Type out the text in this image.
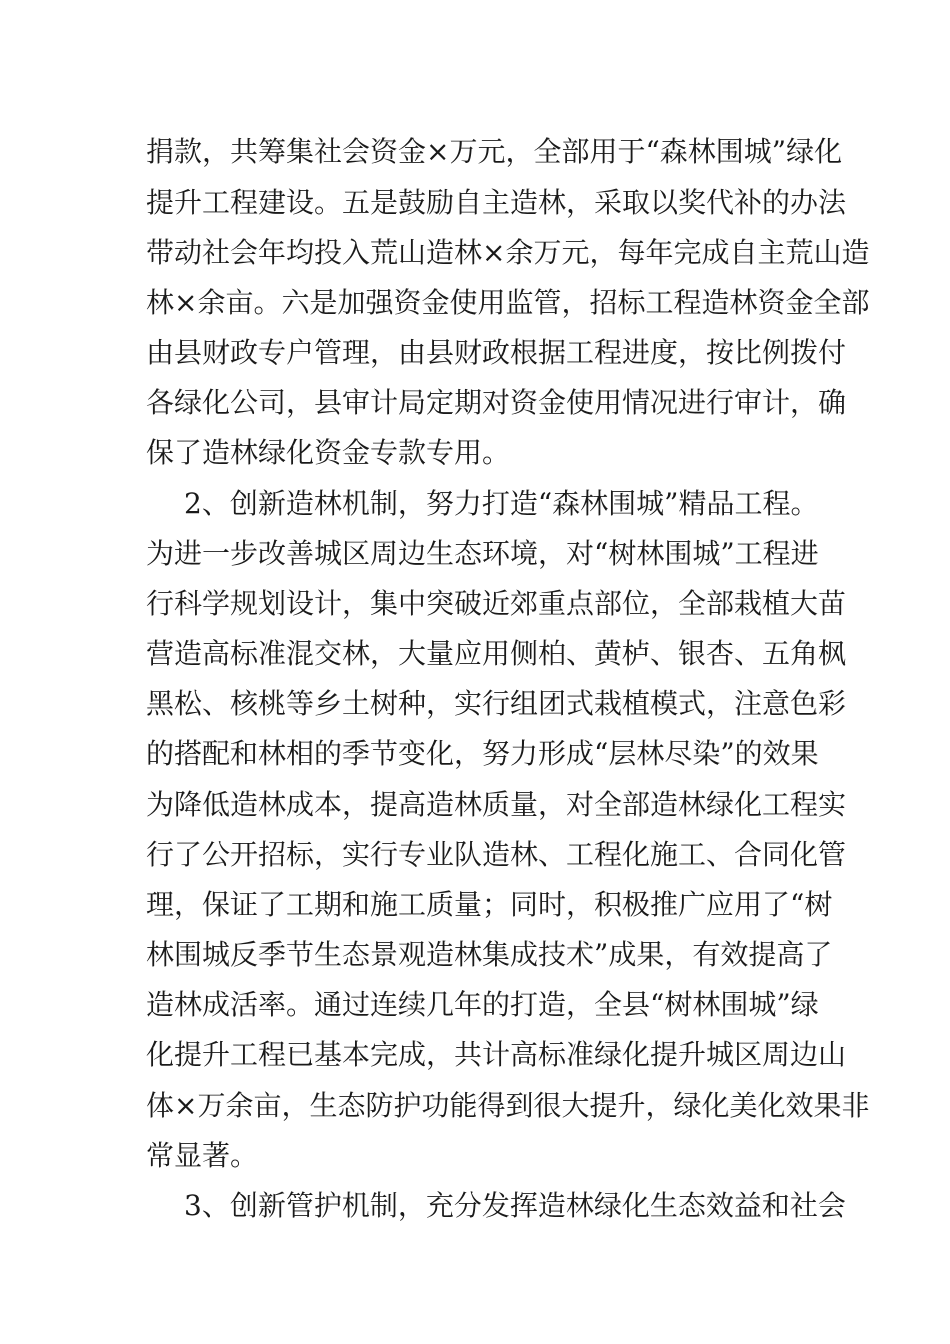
捐款，共筹集社会资金×万元，全部用于“森林围城”绿化
提升工程建设。五是鼓励自主造林，采取以奖代补的办法
带动社会年均投入荒山造林×余万元，每年完成自主荒山造
林×余亩。六是加强资金使用监管，招标工程造林资金全部
由县财政专户管理，由县财政根据工程进度，按比例拨付
各绿化公司，县审计局定期对资金使用情况进行审计，确
保了造林绿化资金专款专用。
2、创新造林机制，努力打造“森林围城”精品工程。
为进一步改善城区周边生态环境，对“树林围城”工程进
行科学规划设计，集中突破近郊重点部位，全部栽植大苗
营造高标准混交林，大量应用侧柏、黄栌、银杏、五角枫
黑松、核桃等乡土树种，实行组团式栽植模式，注意色彩
的搭配和林相的季节变化，努力形成“层林尽染”的效果
为降低造林成本，提高造林质量，对全部造林绿化工程实
行了公开招标，实行专业队造林、工程化施工、合同化管
理，保证了工期和施工质量；同时，积极推广应用了“树
林围城反季节生态景观造林集成技术”成果，有效提高了
造林成活率。通过连续几年的打造，全县“树林围城”绿
化提升工程已基本完成，共计高标准绿化提升城区周边山
体×万余亩，生态防护功能得到很大提升，绿化美化效果非
常显著。
3、创新管护机制，充分发挥造林绿化生态效益和社会
